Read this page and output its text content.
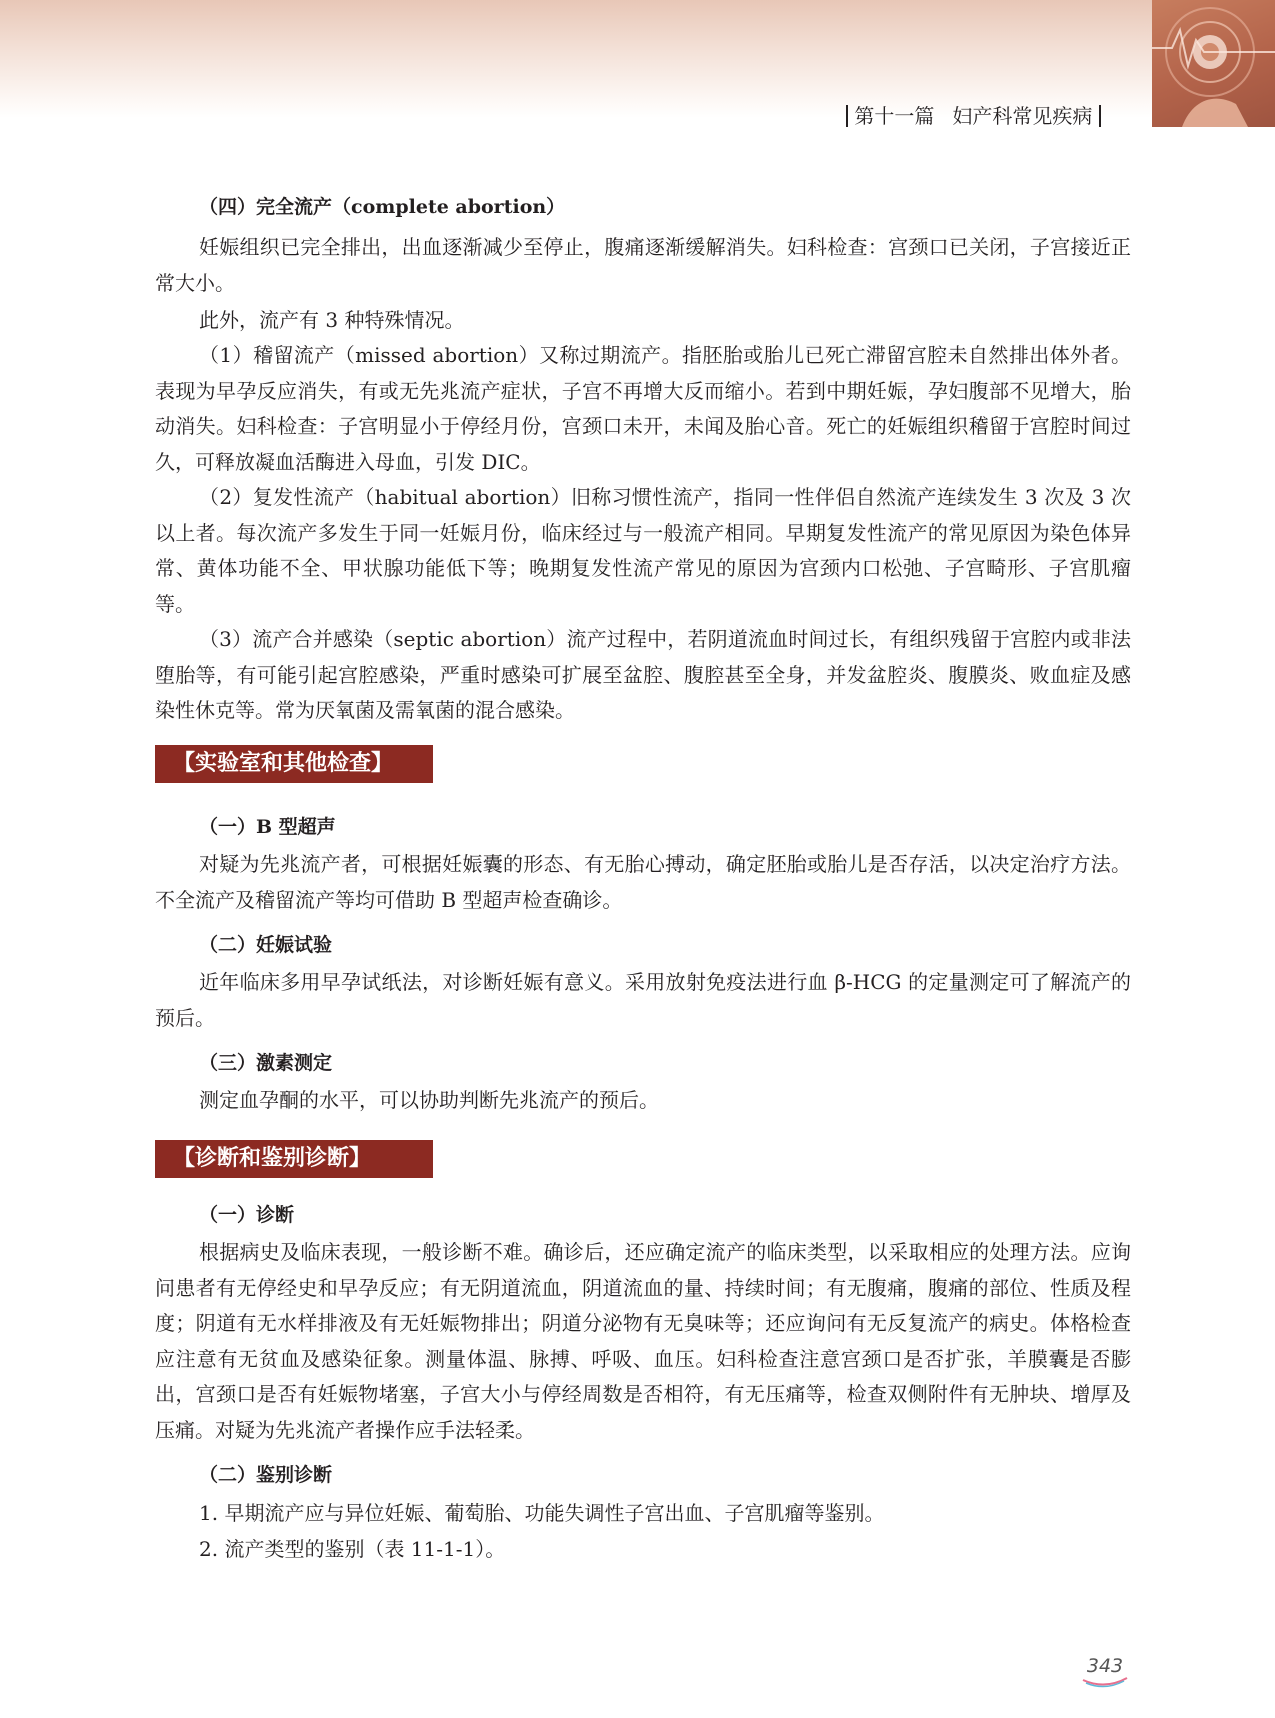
第十一篇 妇产科常见疾病
（四）完全流产（complete abortion）

妊娠组织已完全排出，出血逐渐减少至停止，腹痛逐渐缓解消失。妇科检查：宫颈口已关闭，子宫接近正常大小。

此外，流产有 3 种特殊情况。

（1）稽留流产（missed abortion）又称过期流产。指胚胎或胎儿已死亡滞留宫腔未自然排出体外者。表现为早孕反应消失，有或无先兆流产症状，子宫不再增大反而缩小。若到中期妊娠，孕妇腹部不见增大，胎动消失。妇科检查：子宫明显小于停经月份，宫颈口未开，未闻及胎心音。死亡的妊娠组织稽留于宫腔时间过久，可释放凝血活酶进入母血，引发 DIC。

（2）复发性流产（habitual abortion）旧称习惯性流产，指同一性伴侣自然流产连续发生 3 次及 3 次以上者。每次流产多发生于同一妊娠月份，临床经过与一般流产相同。早期复发性流产的常见原因为染色体异常、黄体功能不全、甲状腺功能低下等；晚期复发性流产常见的原因为宫颈内口松弛、子宫畸形、子宫肌瘤等。

（3）流产合并感染（septic abortion）流产过程中，若阴道流血时间过长，有组织残留于宫腔内或非法堕胎等，有可能引起宫腔感染，严重时感染可扩展至盆腔、腹腔甚至全身，并发盆腔炎、腹膜炎、败血症及感染性休克等。常为厌氧菌及需氧菌的混合感染。

【实验室和其他检查】
（一）B 型超声

对疑为先兆流产者，可根据妊娠囊的形态、有无胎心搏动，确定胚胎或胎儿是否存活，以决定治疗方法。不全流产及稽留流产等均可借助 B 型超声检查确诊。

（二）妊娠试验

近年临床多用早孕试纸法，对诊断妊娠有意义。采用放射免疫法进行血 β-HCG 的定量测定可了解流产的预后。

（三）激素测定

测定血孕酮的水平，可以协助判断先兆流产的预后。

【诊断和鉴别诊断】
（一）诊断

根据病史及临床表现，一般诊断不难。确诊后，还应确定流产的临床类型，以采取相应的处理方法。应询问患者有无停经史和早孕反应；有无阴道流血，阴道流血的量、持续时间；有无腹痛，腹痛的部位、性质及程度；阴道有无水样排液及有无妊娠物排出；阴道分泌物有无臭味等；还应询问有无反复流产的病史。体格检查应注意有无贫血及感染征象。测量体温、脉搏、呼吸、血压。妇科检查注意宫颈口是否扩张，羊膜囊是否膨出，宫颈口是否有妊娠物堵塞，子宫大小与停经周数是否相符，有无压痛等，检查双侧附件有无肿块、增厚及压痛。对疑为先兆流产者操作应手法轻柔。

（二）鉴别诊断

1. 早期流产应与异位妊娠、葡萄胎、功能失调性子宫出血、子宫肌瘤等鉴别。

2. 流产类型的鉴别（表 11-1-1）。

343
